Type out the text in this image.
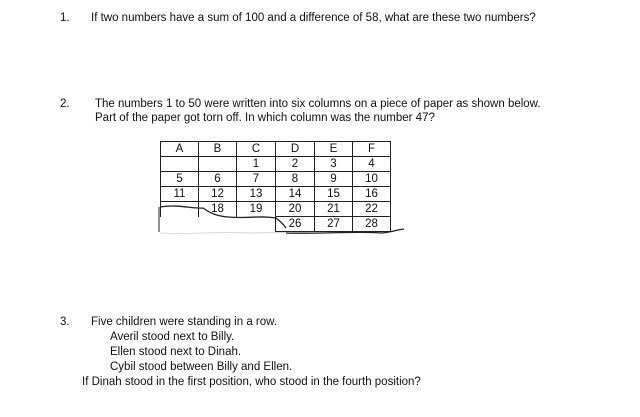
1. If two numbers have a sum of 100 and a difference of 58, what are these two numbers?
2. The numbers 1 to 50 were written into six columns on a piece of paper as shown below.
Part of the paper got torn off. In which column was the number 47?
A	B	C	D	E	F
		1	2	3	4
5	6	7	8	9	10
11	12	13	14	15	16
	18	19	20	21	22
			26	27	28
3. Five children were standing in a row.
Averil stood next to Billy.
Ellen stood next to Dinah.
Cybil stood between Billy and Ellen.
If Dinah stood in the first position, who stood in the fourth position?
